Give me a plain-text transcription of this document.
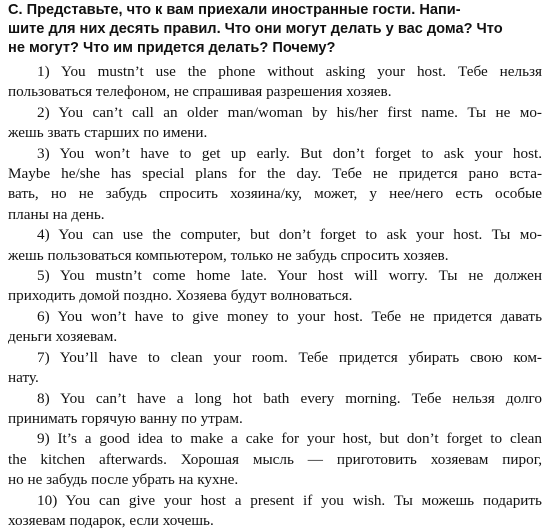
С. Представьте, что к вам приехали иностранные гости. Напи-
шите для них десять правил. Что они могут делать у вас дома? Что
не могут? Что им придется делать? Почему?
1) You mustn’t use the phone without asking your host. Тебе нельзя
пользоваться телефоном, не спрашивая разрешения хозяев.
2) You can’t call an older man/woman by his/her first name. Ты не мо-
жешь звать старших по имени.
3) You won’t have to get up early. But don’t forget to ask your host.
Maybe he/she has special plans for the day. Тебе не придется рано вста-
вать, но не забудь спросить хозяина/ку, может, у нее/него есть особые
планы на день.
4) You can use the computer, but don’t forget to ask your host. Ты мо-
жешь пользоваться компьютером, только не забудь спросить хозяев.
5) You mustn’t come home late. Your host will worry. Ты не должен
приходить домой поздно. Хозяева будут волноваться.
6) You won’t have to give money to your host. Тебе не придется давать
деньги хозяевам.
7) You’ll have to clean your room. Тебе придется убирать свою ком-
нату.
8) You can’t have a long hot bath every morning. Тебе нельзя долго
принимать горячую ванну по утрам.
9) It’s a good idea to make a cake for your host, but don’t forget to clean
the kitchen afterwards. Хорошая мысль — приготовить хозяевам пирог,
но не забудь после убрать на кухне.
10) You can give your host a present if you wish. Ты можешь подарить
хозяевам подарок, если хочешь.
